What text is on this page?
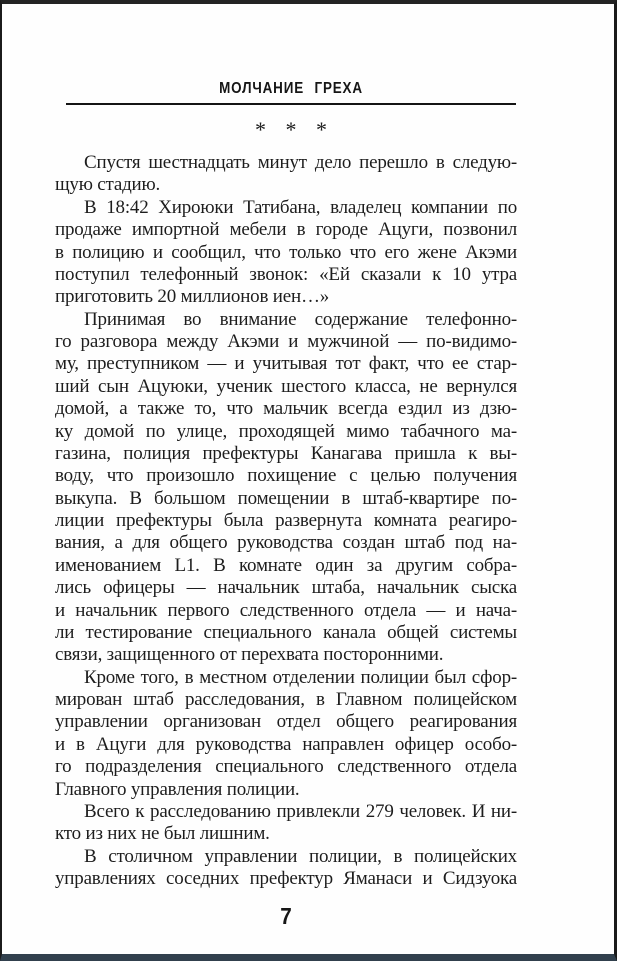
МОЛЧАНИЕ ГРЕХА
* * *
Спустя шестнадцать минут дело перешло в следую-
щую стадию.
В 18:42 Хироюки Татибана, владелец компании по
продаже импортной мебели в городе Ацуги, позвонил
в полицию и сообщил, что только что его жене Акэми
поступил телефонный звонок: «Ей сказали к 10 утра
приготовить 20 миллионов иен…»
Принимая во внимание содержание телефонно-
го разговора между Акэми и мужчиной — по-видимо-
му, преступником — и учитывая тот факт, что ее стар-
ший сын Ацуюки, ученик шестого класса, не вернулся
домой, а также то, что мальчик всегда ездил из дзю-
ку домой по улице, проходящей мимо табачного ма-
газина, полиция префектуры Канагава пришла к вы-
воду, что произошло похищение с целью получения
выкупа. В большом помещении в штаб-квартире по-
лиции префектуры была развернута комната реагиро-
вания, а для общего руководства создан штаб под на-
именованием L1. В комнате один за другим собра-
лись офицеры — начальник штаба, начальник сыска
и начальник первого следственного отдела — и нача-
ли тестирование специального канала общей системы
связи, защищенного от перехвата посторонними.
Кроме того, в местном отделении полиции был сфор-
мирован штаб расследования, в Главном полицейском
управлении организован отдел общего реагирования
и в Ацуги для руководства направлен офицер особо-
го подразделения специального следственного отдела
Главного управления полиции.
Всего к расследованию привлекли 279 человек. И ни-
кто из них не был лишним.
В столичном управлении полиции, в полицейских
управлениях соседних префектур Яманаси и Сидзуока
7
